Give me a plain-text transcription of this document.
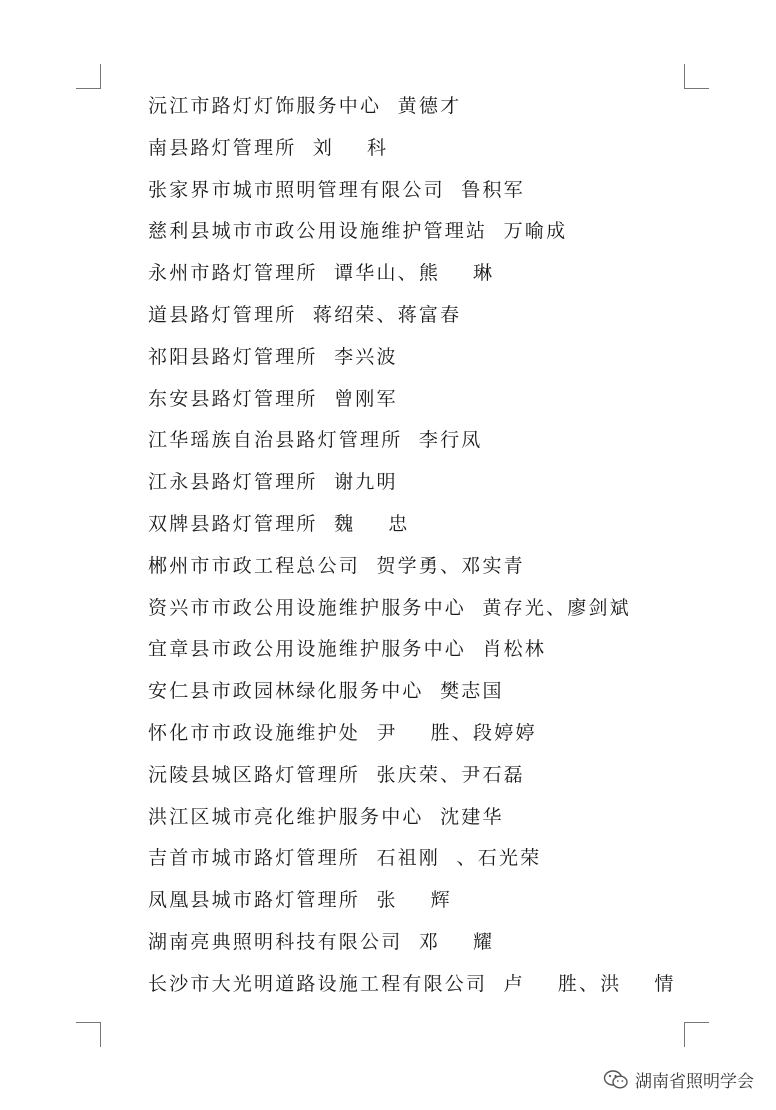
沅江市路灯灯饰服务中心  黄德才
南县路灯管理所  刘    科
张家界市城市照明管理有限公司  鲁积军
慈利县城市市政公用设施维护管理站  万喻成
永州市路灯管理所  谭华山、熊    琳
道县路灯管理所  蒋绍荣、蒋富春
祁阳县路灯管理所  李兴波
东安县路灯管理所  曾刚军
江华瑶族自治县路灯管理所  李行凤
江永县路灯管理所  谢九明
双牌县路灯管理所  魏    忠
郴州市市政工程总公司  贺学勇、邓实青
资兴市市政公用设施维护服务中心  黄存光、廖剑斌
宜章县市政公用设施维护服务中心  肖松林
安仁县市政园林绿化服务中心  樊志国
怀化市市政设施维护处  尹    胜、段婷婷
沅陵县城区路灯管理所  张庆荣、尹石磊
洪江区城市亮化维护服务中心  沈建华
吉首市城市路灯管理所  石祖刚  、石光荣
凤凰县城市路灯管理所  张    辉
湖南亮典照明科技有限公司  邓    耀
长沙市大光明道路设施工程有限公司  卢    胜、洪    情
湖南省照明学会
